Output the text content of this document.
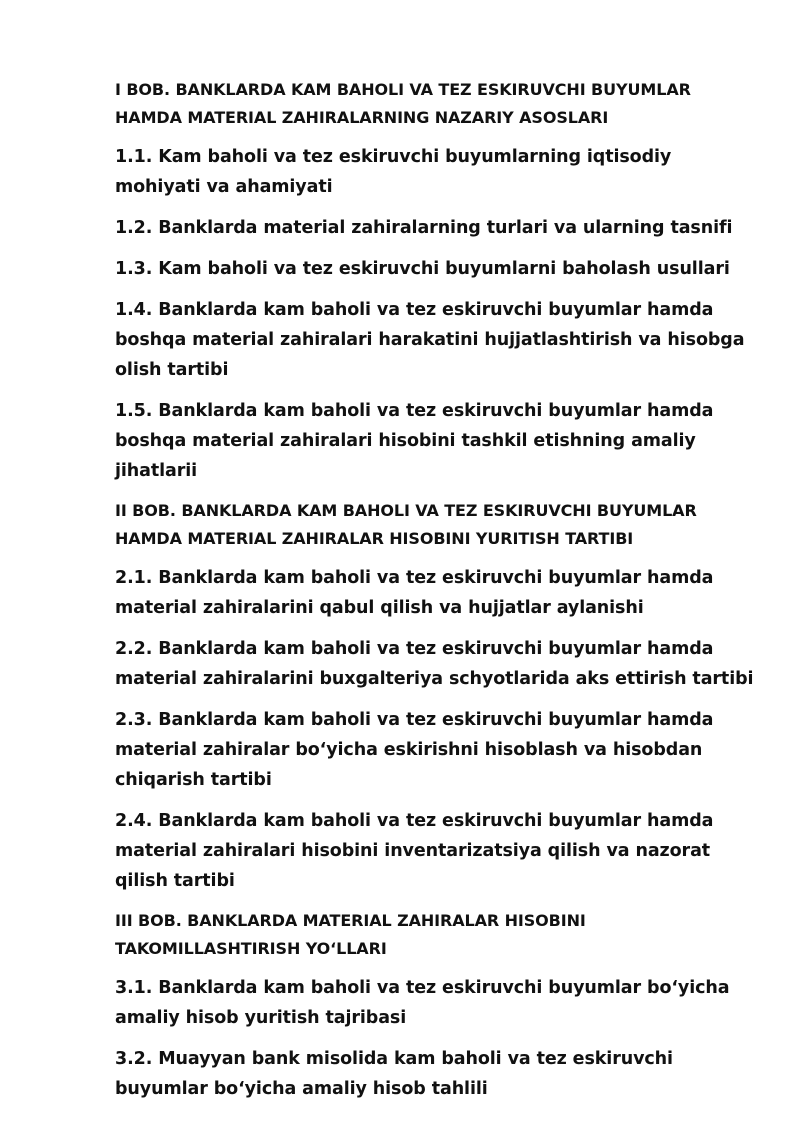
I BOB. BANKLARDA KAM BAHOLI VA TEZ ESKIRUVCHI BUYUMLAR HAMDA MATERIAL ZAHIRALARNING NAZARIY ASOSLARI
1.1. Kam baholi va tez eskiruvchi buyumlarning iqtisodiy mohiyati va ahamiyati
1.2. Banklarda material zahiralarning turlari va ularning tasnifi
1.3. Kam baholi va tez eskiruvchi buyumlarni baholash usullari
1.4. Banklarda kam baholi va tez eskiruvchi buyumlar hamda boshqa material zahiralari harakatini hujjatlashtirish va hisobga olish tartibi
1.5. Banklarda kam baholi va tez eskiruvchi buyumlar hamda boshqa material zahiralari hisobini tashkil etishning amaliy jihatlarii
II BOB. BANKLARDA KAM BAHOLI VA TEZ ESKIRUVCHI BUYUMLAR HAMDA MATERIAL ZAHIRALAR HISOBINI YURITISH TARTIBI
2.1. Banklarda kam baholi va tez eskiruvchi buyumlar hamda material zahiralarini qabul qilish va hujjatlar aylanishi
2.2. Banklarda kam baholi va tez eskiruvchi buyumlar hamda material zahiralarini buxgalteriya schyotlarida aks ettirish tartibi
2.3. Banklarda kam baholi va tez eskiruvchi buyumlar hamda material zahiralar bo‘yicha eskirishni hisoblash va hisobdan chiqarish tartibi
2.4. Banklarda kam baholi va tez eskiruvchi buyumlar hamda material zahiralari hisobini inventarizatsiya qilish va nazorat qilish tartibi
III BOB. BANKLARDA MATERIAL ZAHIRALAR HISOBINI TAKOMILLASHTIRISH YO‘LLARI
3.1. Banklarda kam baholi va tez eskiruvchi buyumlar bo‘yicha amaliy hisob yuritish tajribasi
3.2. Muayyan bank misolida kam baholi va tez eskiruvchi buyumlar bo‘yicha amaliy hisob tahlili
